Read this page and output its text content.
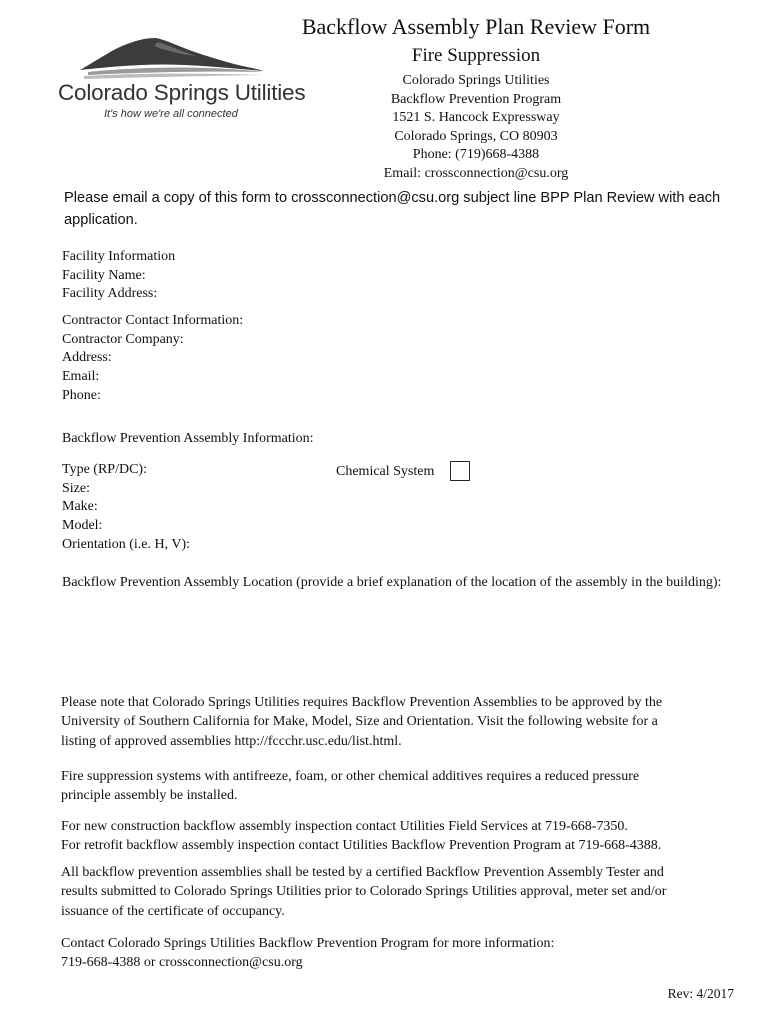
Backflow Assembly Plan Review Form
Fire Suppression
Colorado Springs Utilities
Backflow Prevention Program
1521 S. Hancock Expressway
Colorado Springs, CO 80903
Phone: (719)668-4388
Email: crossconnection@csu.org
Colorado Springs Utilities
It's how we're all connected
Please email a copy of this form to crossconnection@csu.org subject line BPP Plan Review with each application.
Facility Information
Facility Name:
Facility Address:
Contractor Contact Information:
Contractor Company:
Address:
Email:
Phone:
Backflow Prevention Assembly Information:
Type (RP/DC):
Size:
Make:
Model:
Orientation (i.e. H, V):
Chemical System
Backflow Prevention Assembly Location (provide a brief explanation of the location of the assembly in the building):
Please note that Colorado Springs Utilities requires Backflow Prevention Assemblies to be approved by the
University of Southern California for Make, Model, Size and Orientation. Visit the following website for a
listing of approved assemblies http://fccchr.usc.edu/list.html.
Fire suppression systems with antifreeze, foam, or other chemical additives requires a reduced pressure
principle assembly be installed.
For new construction backflow assembly inspection contact Utilities Field Services at 719-668-7350.
For retrofit backflow assembly inspection contact Utilities Backflow Prevention Program at 719-668-4388.
All backflow prevention assemblies shall be tested by a certified Backflow Prevention Assembly Tester and
results submitted to Colorado Springs Utilities prior to Colorado Springs Utilities approval, meter set and/or
issuance of the certificate of occupancy.
Contact Colorado Springs Utilities Backflow Prevention Program for more information:
719-668-4388 or crossconnection@csu.org
Rev: 4/2017
